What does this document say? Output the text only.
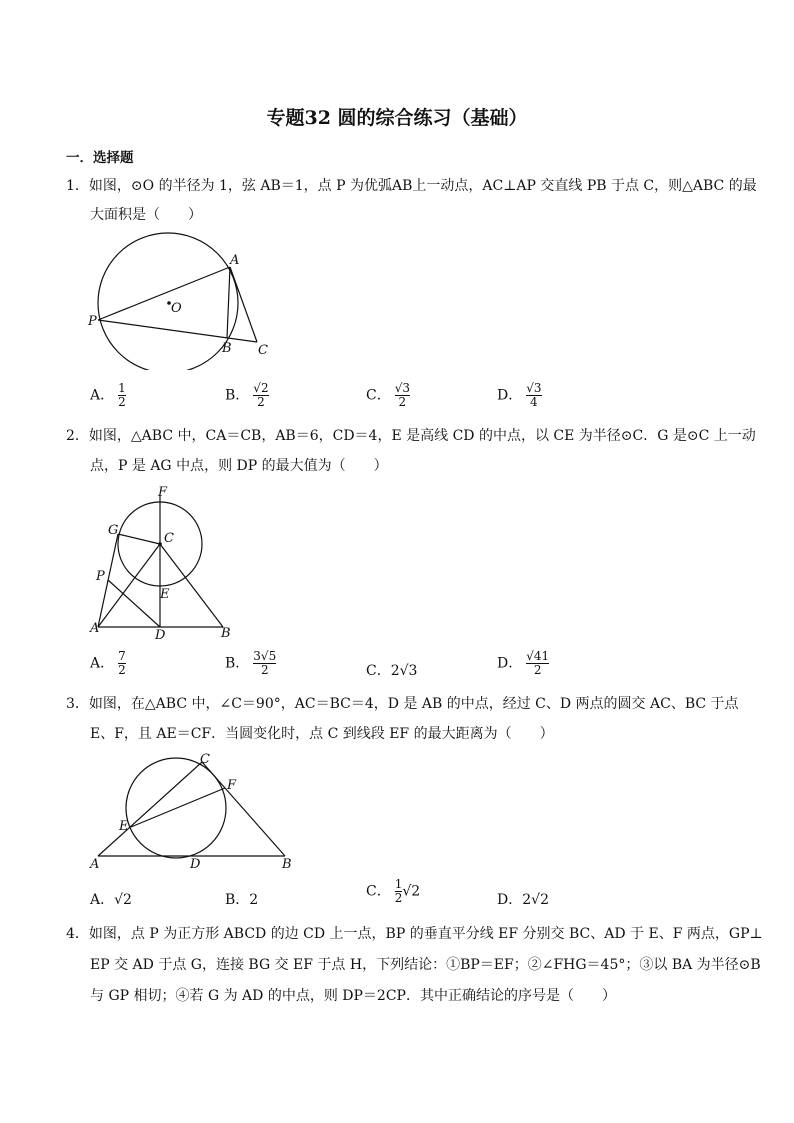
专题32 圆的综合练习（基础）
一．选择题
1．如图，⊙O 的半径为 1，弦 AB＝1，点 P 为优弧AB上一动点，AC⊥AP 交直线 PB 于点 C，则△ABC 的最
大面积是（　　）
A
P
O
B C
A． $\frac{1}{2}$	B． $\frac{√2}{2}$	C． $\frac{√3}{2}$	D． $\frac{√3}{4}$
2．如图，△ABC 中，CA＝CB，AB＝6，CD＝4，E 是高线 CD 的中点，以 CE 为半径⊙C．G 是⊙C 上一动
点，P 是 AG 中点，则 DP 的最大值为（　　）
F
G
C
P
E
A	D	B
A． $\frac{7}{2}$	B． $\frac{3√5}{2}$	C．2√3	D． $\frac{√41}{2}$
3．如图，在△ABC 中，∠C＝90°，AC＝BC＝4，D 是 AB 的中点，经过 C、D 两点的圆交 AC、BC 于点
E、F，且 AE＝CF．当圆变化时，点 C 到线段 EF 的最大距离为（　　）
C
F
E
A	D	B
A．√2	B．2
C． $\frac{1}{2} √2$
D．2√2
4．如图，点 P 为正方形 ABCD 的边 CD 上一点，BP 的垂直平分线 EF 分别交 BC、AD 于 E、F 两点，GP⊥
EP 交 AD 于点 G，连接 BG 交 EF 于点 H，下列结论：①BP＝EF；②∠FHG＝45°；③以 BA 为半径⊙B
与 GP 相切；④若 G 为 AD 的中点，则 DP＝2CP．其中正确结论的序号是（　　）
